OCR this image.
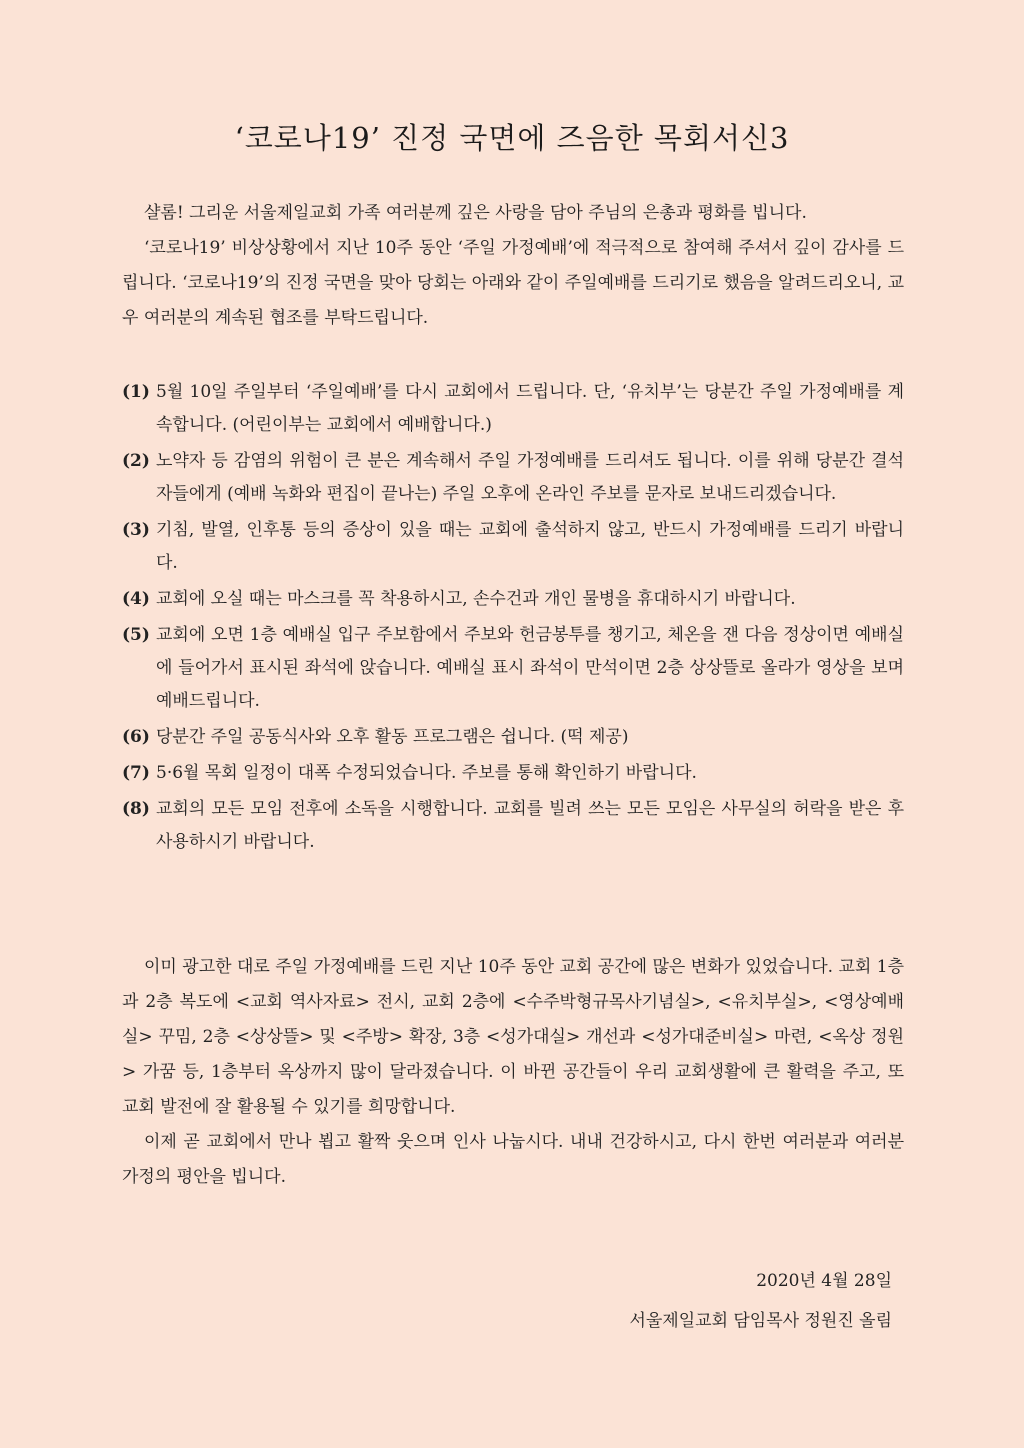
‘코로나19’ 진정 국면에 즈음한 목회서신3

샬롬! 그리운 서울제일교회 가족 여러분께 깊은 사랑을 담아 주님의 은총과 평화를 빕니다.

‘코로나19’ 비상상황에서 지난 10주 동안 ‘주일 가정예배’에 적극적으로 참여해 주셔서 깊이 감사를 드립니다. ‘코로나19’의 진정 국면을 맞아 당회는 아래와 같이 주일예배를 드리기로 했음을 알려드리오니, 교우 여러분의 계속된 협조를 부탁드립니다.

(1) 5월 10일 주일부터 ‘주일예배’를 다시 교회에서 드립니다. 단, ‘유치부’는 당분간 주일 가정예배를 계속합니다. (어린이부는 교회에서 예배합니다.)
(2) 노약자 등 감염의 위험이 큰 분은 계속해서 주일 가정예배를 드리셔도 됩니다. 이를 위해 당분간 결석자들에게 (예배 녹화와 편집이 끝나는) 주일 오후에 온라인 주보를 문자로 보내드리겠습니다.
(3) 기침, 발열, 인후통 등의 증상이 있을 때는 교회에 출석하지 않고, 반드시 가정예배를 드리기 바랍니다.
(4) 교회에 오실 때는 마스크를 꼭 착용하시고, 손수건과 개인 물병을 휴대하시기 바랍니다.
(5) 교회에 오면 1층 예배실 입구 주보함에서 주보와 헌금봉투를 챙기고, 체온을 잰 다음 정상이면 예배실에 들어가서 표시된 좌석에 앉습니다. 예배실 표시 좌석이 만석이면 2층 상상뜰로 올라가 영상을 보며 예배드립니다.
(6) 당분간 주일 공동식사와 오후 활동 프로그램은 쉽니다. (떡 제공)
(7) 5·6월 목회 일정이 대폭 수정되었습니다. 주보를 통해 확인하기 바랍니다.
(8) 교회의 모든 모임 전후에 소독을 시행합니다. 교회를 빌려 쓰는 모든 모임은 사무실의 허락을 받은 후 사용하시기 바랍니다.

이미 광고한 대로 주일 가정예배를 드린 지난 10주 동안 교회 공간에 많은 변화가 있었습니다. 교회 1층과 2층 복도에 <교회 역사자료> 전시, 교회 2층에 <수주박형규목사기념실>, <유치부실>, <영상예배실> 꾸밈, 2층 <상상뜰> 및 <주방> 확장, 3층 <성가대실> 개선과 <성가대준비실> 마련, <옥상 정원> 가꿈 등, 1층부터 옥상까지 많이 달라졌습니다. 이 바뀐 공간들이 우리 교회생활에 큰 활력을 주고, 또 교회 발전에 잘 활용될 수 있기를 희망합니다.

이제 곧 교회에서 만나 뵙고 활짝 웃으며 인사 나눕시다. 내내 건강하시고, 다시 한번 여러분과 여러분 가정의 평안을 빕니다.

2020년 4월 28일
서울제일교회 담임목사 정원진 올림
